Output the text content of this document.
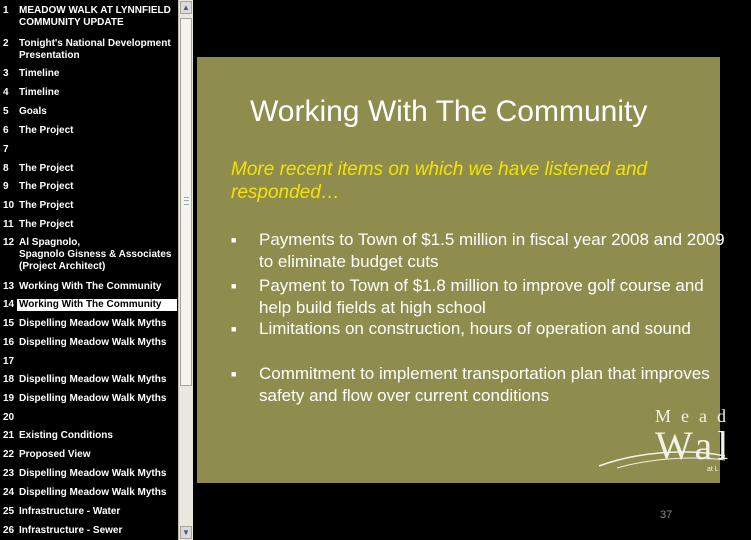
1	MEADOW WALK AT LYNNFIELD
COMMUNITY UPDATE
2	Tonight's National Development
Presentation
3	Timeline
4	Timeline
5	Goals
6	The Project
7
8	The Project
9	The Project
10 The Project
11 The Project
12 Al Spagnolo,
Spagnolo Gisness & Associates
(Project Architect)
13 Working With The Community
14 Working With The Community
15 Dispelling Meadow Walk Myths
16 Dispelling Meadow Walk Myths
17
18 Dispelling Meadow Walk Myths
19 Dispelling Meadow Walk Myths
20
21 Existing Conditions
22 Proposed View
23 Dispelling Meadow Walk Myths
24 Dispelling Meadow Walk Myths
25 Infrastructure - Water
26 Infrastructure - Sewer
▲
▼
Working With The Community
More recent items on which we have listened and responded…
■ Payments to Town of $1.5 million in fiscal year 2008 and 2009 to eliminate budget cuts
■ Payment to Town of $1.8 million to improve golf course and help build fields at high school
■ Limitations on construction, hours of operation and sound
■ Commitment to implement transportation plan that improves safety and flow over current conditions
Mead
Wal
at L
37
